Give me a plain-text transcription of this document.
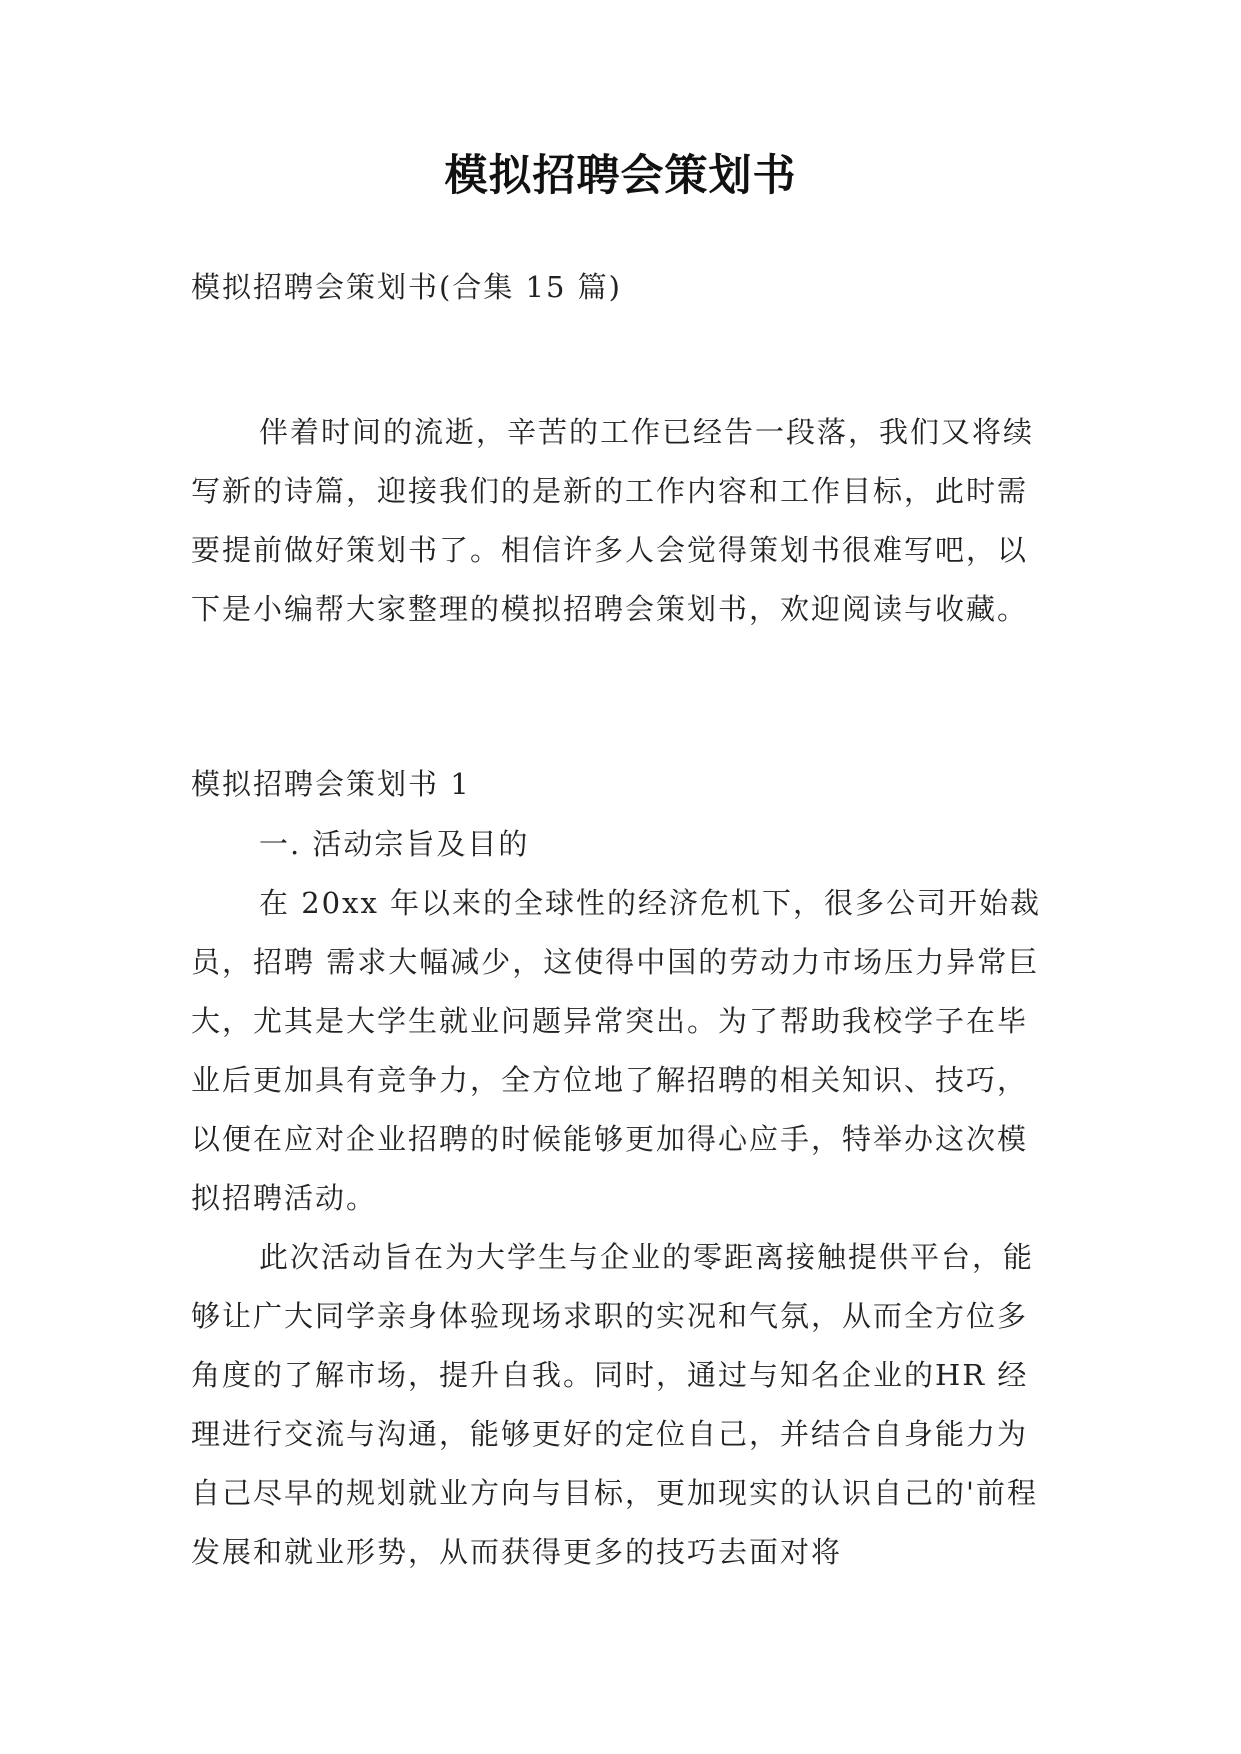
模拟招聘会策划书
模拟招聘会策划书(合集 15 篇)

伴着时间的流逝，辛苦的工作已经告一段落，我们又将续写新的诗篇，迎接我们的是新的工作内容和工作目标，此时需要提前做好策划书了。相信许多人会觉得策划书很难写吧，以下是小编帮大家整理的模拟招聘会策划书，欢迎阅读与收藏。

模拟招聘会策划书 1

一. 活动宗旨及目的

在 20xx 年以来的全球性的经济危机下，很多公司开始裁员，招聘 需求大幅减少，这使得中国的劳动力市场压力异常巨大，尤其是大学生就业问题异常突出。为了帮助我校学子在毕业后更加具有竞争力，全方位地了解招聘的相关知识、技巧，以便在应对企业招聘的时候能够更加得心应手，特举办这次模拟招聘活动。

此次活动旨在为大学生与企业的零距离接触提供平台，能够让广大同学亲身体验现场求职的实况和气氛，从而全方位多角度的了解市场，提升自我。同时，通过与知名企业的HR 经理进行交流与沟通，能够更好的定位自己，并结合自身能力为自己尽早的规划就业方向与目标，更加现实的认识自己的'前程发展和就业形势，从而获得更多的技巧去面对将
